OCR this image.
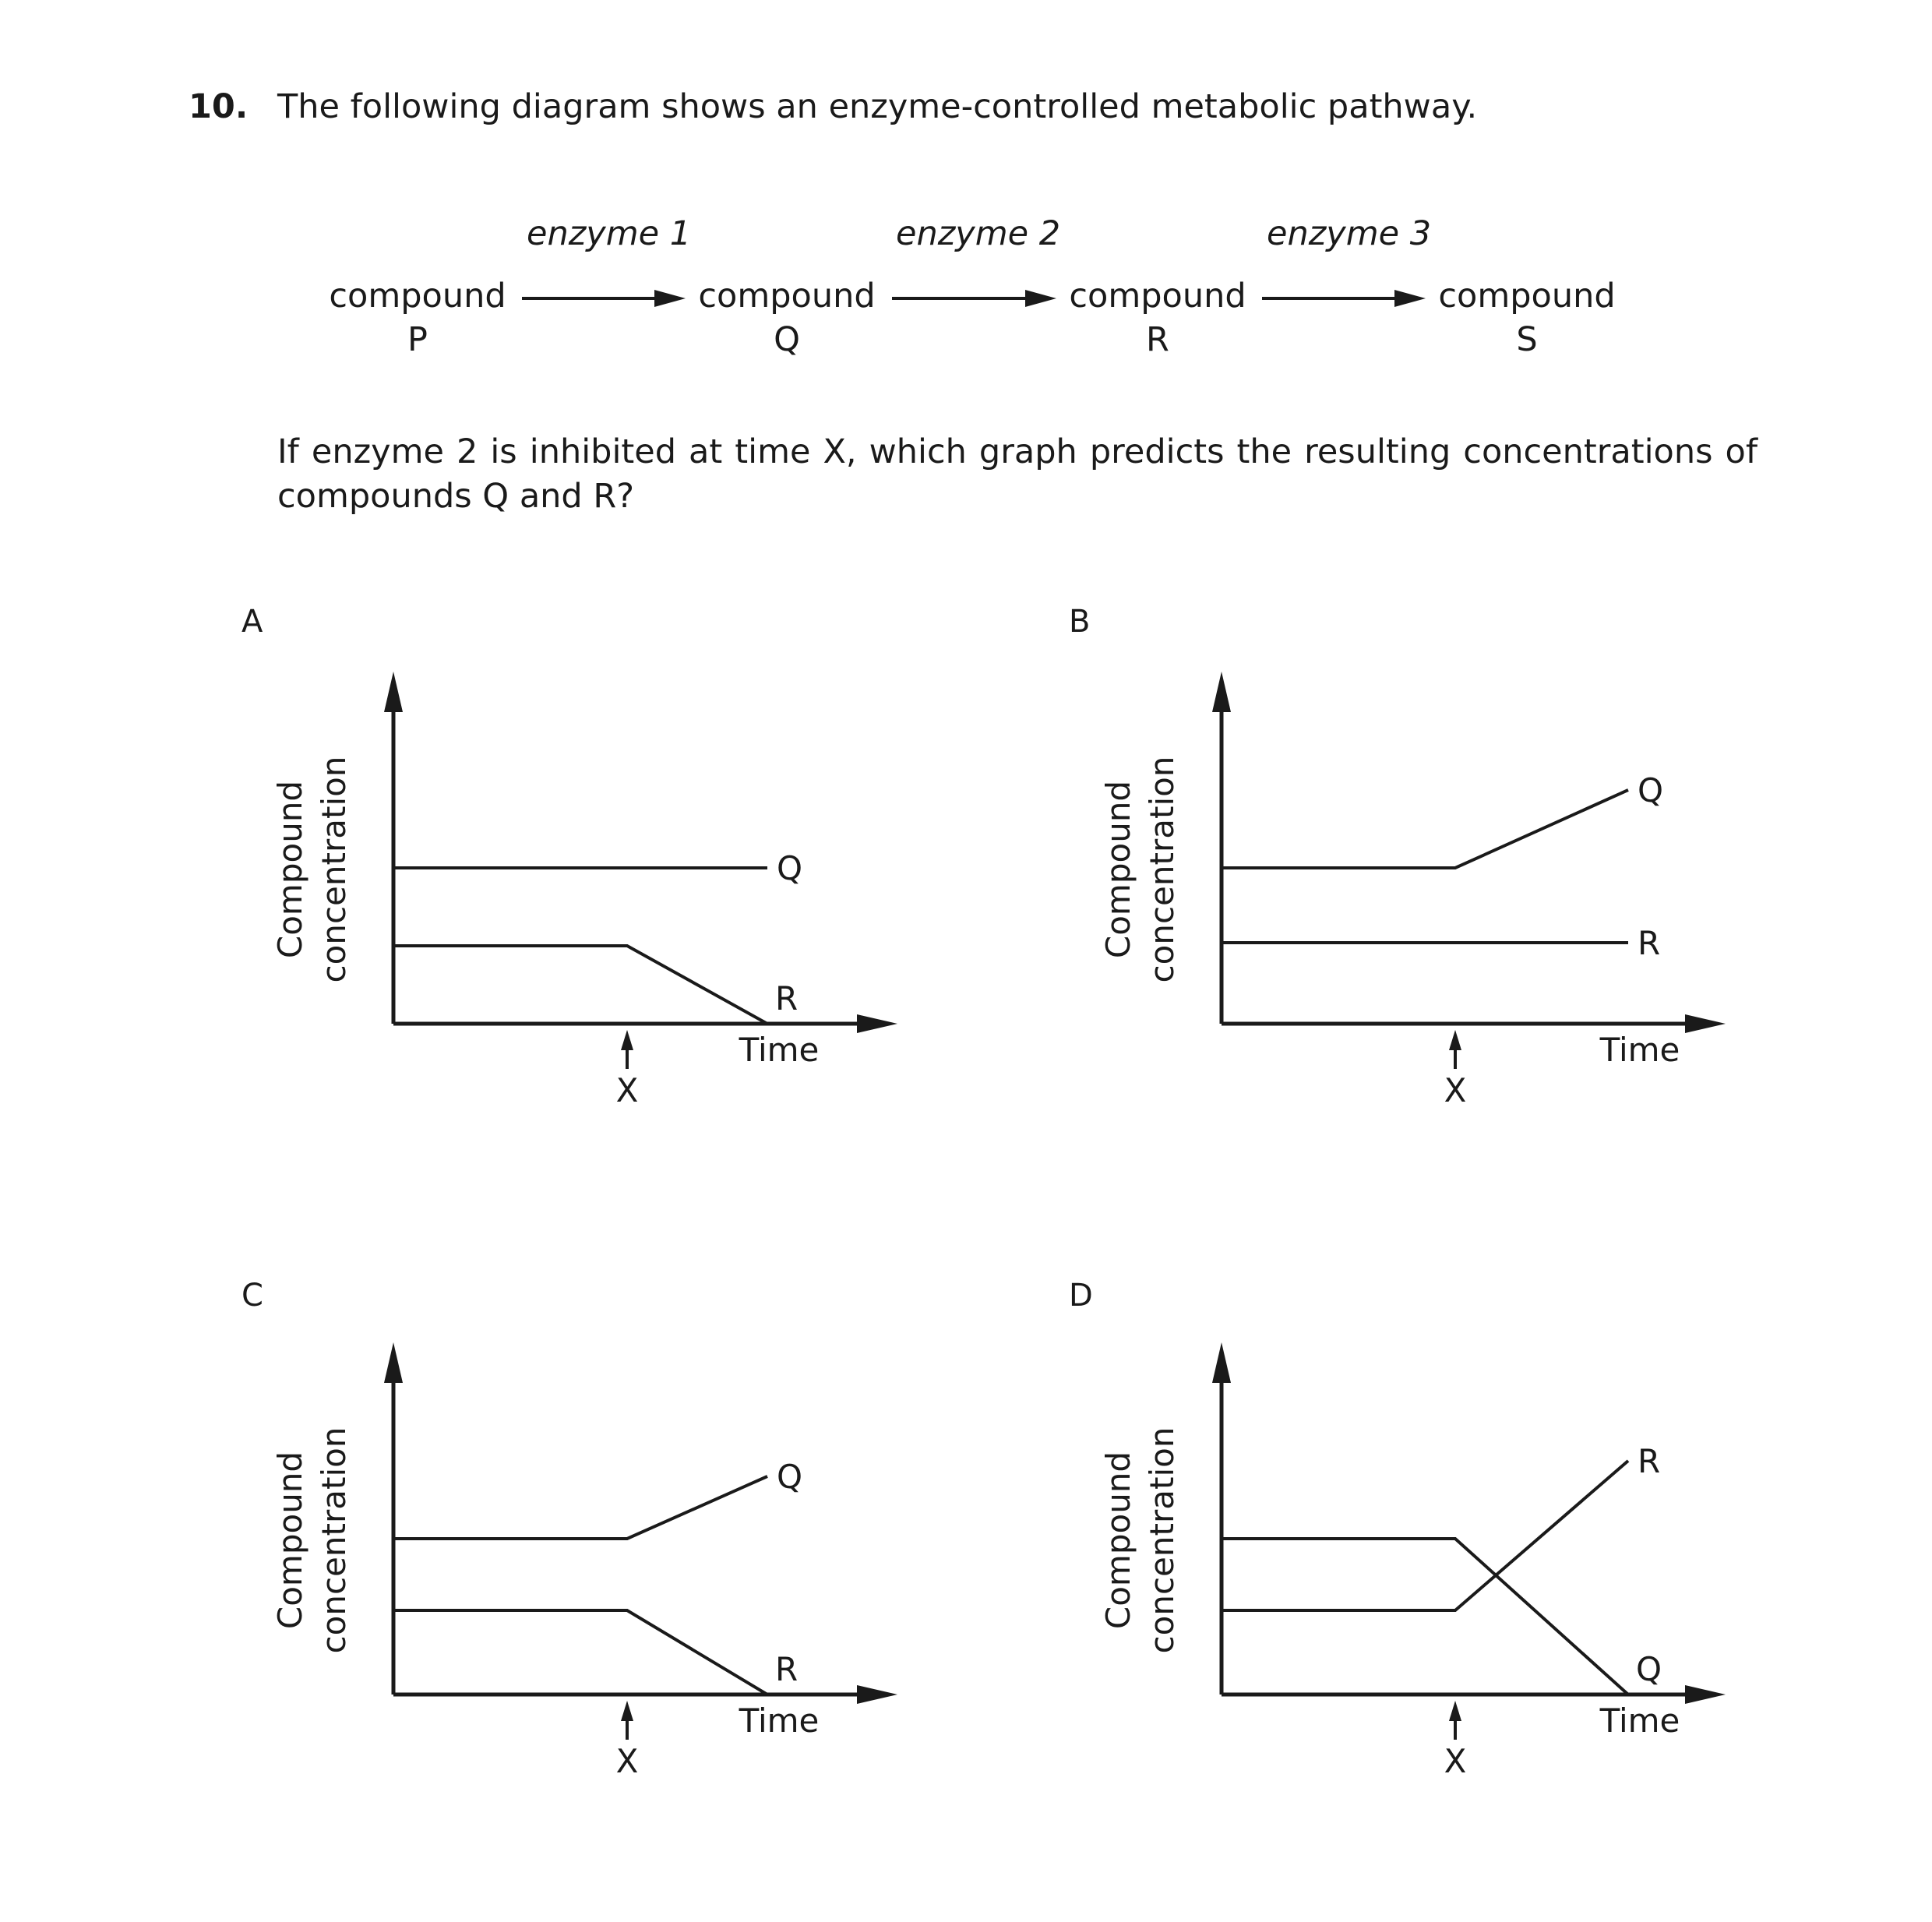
10. The following diagram shows an enzyme-controlled metabolic pathway.
enzyme 1	enzyme 2	enzyme 3
compound
P
compound
Q
compound
R
compound
S
If enzyme 2 is inhibited at time X, which graph predicts the resulting concentrations of compounds Q and R?
A	B
C	D
Compound concentration
Time
X
Q
R
Compound concentration
Time
X
Q
R
Compound concentration
Time
X
Q
R
Compound concentration
Time
X
Q
R
